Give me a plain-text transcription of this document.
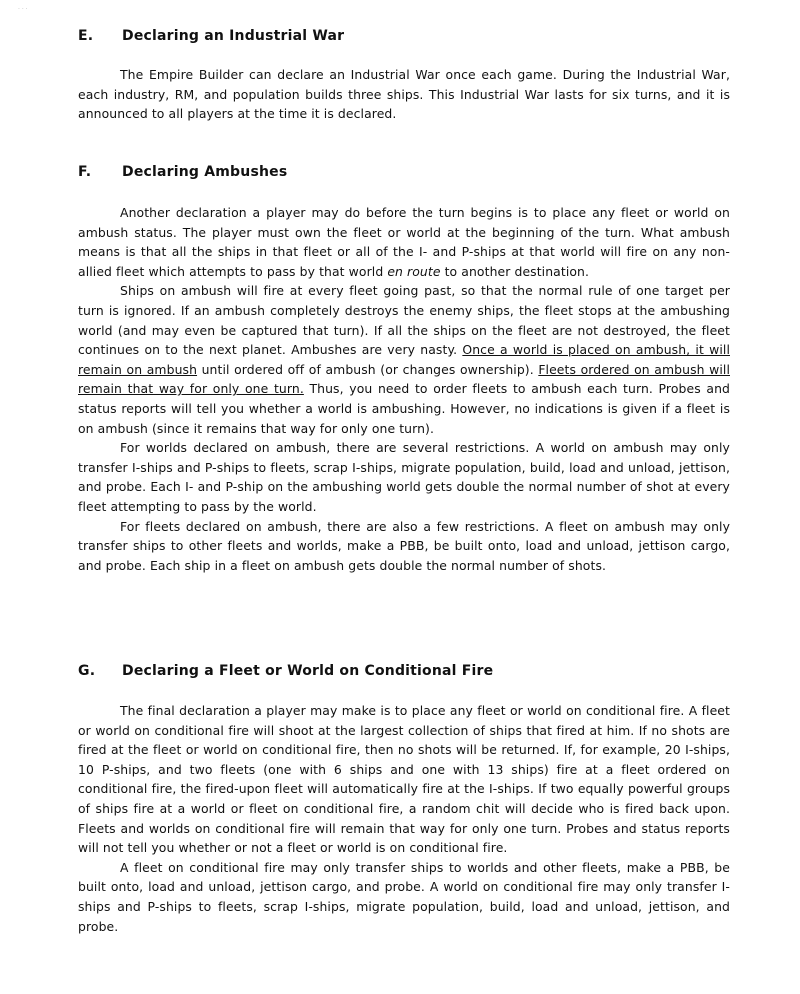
· · ·
E. Declaring an Industrial War

The Empire Builder can declare an Industrial War once each game. During the Industrial War, each industry, RM, and population builds three ships. This Industrial War lasts for six turns, and it is announced to all players at the time it is declared.

F. Declaring Ambushes

Another declaration a player may do before the turn begins is to place any fleet or world on ambush status. The player must own the fleet or world at the beginning of the turn. What ambush means is that all the ships in that fleet or all of the I- and P-ships at that world will fire on any non-allied fleet which attempts to pass by that world en route to another destination.

Ships on ambush will fire at every fleet going past, so that the normal rule of one target per turn is ignored. If an ambush completely destroys the enemy ships, the fleet stops at the ambushing world (and may even be captured that turn). If all the ships on the fleet are not destroyed, the fleet continues on to the next planet. Ambushes are very nasty. Once a world is placed on ambush, it will remain on ambush until ordered off of ambush (or changes ownership). Fleets ordered on ambush will remain that way for only one turn. Thus, you need to order fleets to ambush each turn. Probes and status reports will tell you whether a world is ambushing. However, no indications is given if a fleet is on ambush (since it remains that way for only one turn).

For worlds declared on ambush, there are several restrictions. A world on ambush may only transfer I-ships and P-ships to fleets, scrap I-ships, migrate population, build, load and unload, jettison, and probe. Each I- and P-ship on the ambushing world gets double the normal number of shot at every fleet attempting to pass by the world.

For fleets declared on ambush, there are also a few restrictions. A fleet on ambush may only transfer ships to other fleets and worlds, make a PBB, be built onto, load and unload, jettison cargo, and probe. Each ship in a fleet on ambush gets double the normal number of shots.

G. Declaring a Fleet or World on Conditional Fire

The final declaration a player may make is to place any fleet or world on conditional fire. A fleet or world on conditional fire will shoot at the largest collection of ships that fired at him. If no shots are fired at the fleet or world on conditional fire, then no shots will be returned. If, for example, 20 I-ships, 10 P-ships, and two fleets (one with 6 ships and one with 13 ships) fire at a fleet ordered on conditional fire, the fired-upon fleet will automatically fire at the I-ships. If two equally powerful groups of ships fire at a world or fleet on conditional fire, a random chit will decide who is fired back upon. Fleets and worlds on conditional fire will remain that way for only one turn. Probes and status reports will not tell you whether or not a fleet or world is on conditional fire.

A fleet on conditional fire may only transfer ships to worlds and other fleets, make a PBB, be built onto, load and unload, jettison cargo, and probe. A world on conditional fire may only transfer I-ships and P-ships to fleets, scrap I-ships, migrate population, build, load and unload, jettison, and probe.
